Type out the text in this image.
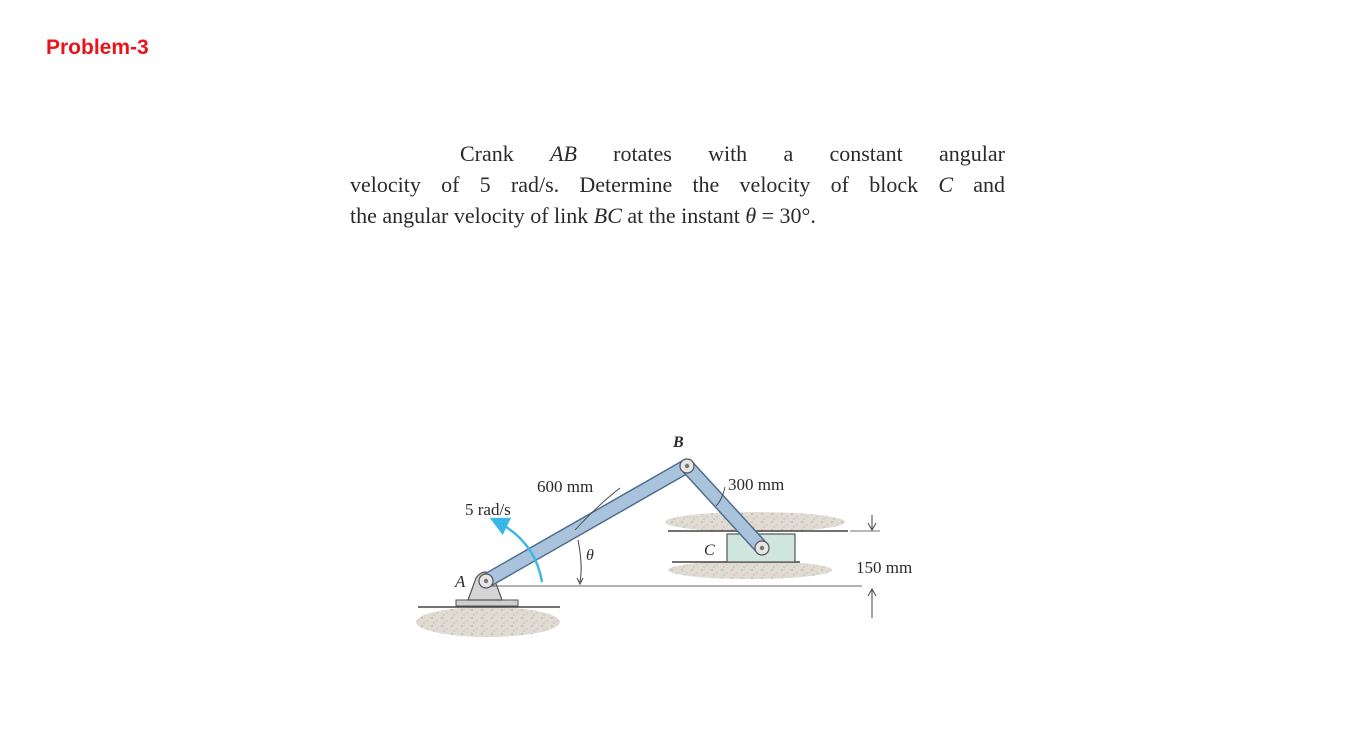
Problem-3
Crank AB rotates with a constant angular
velocity of 5 rad/s. Determine the velocity of block C and
the angular velocity of link BC at the instant θ = 30°.
A
B
C
θ
600 mm	300 mm
5 rad/s
150 mm
